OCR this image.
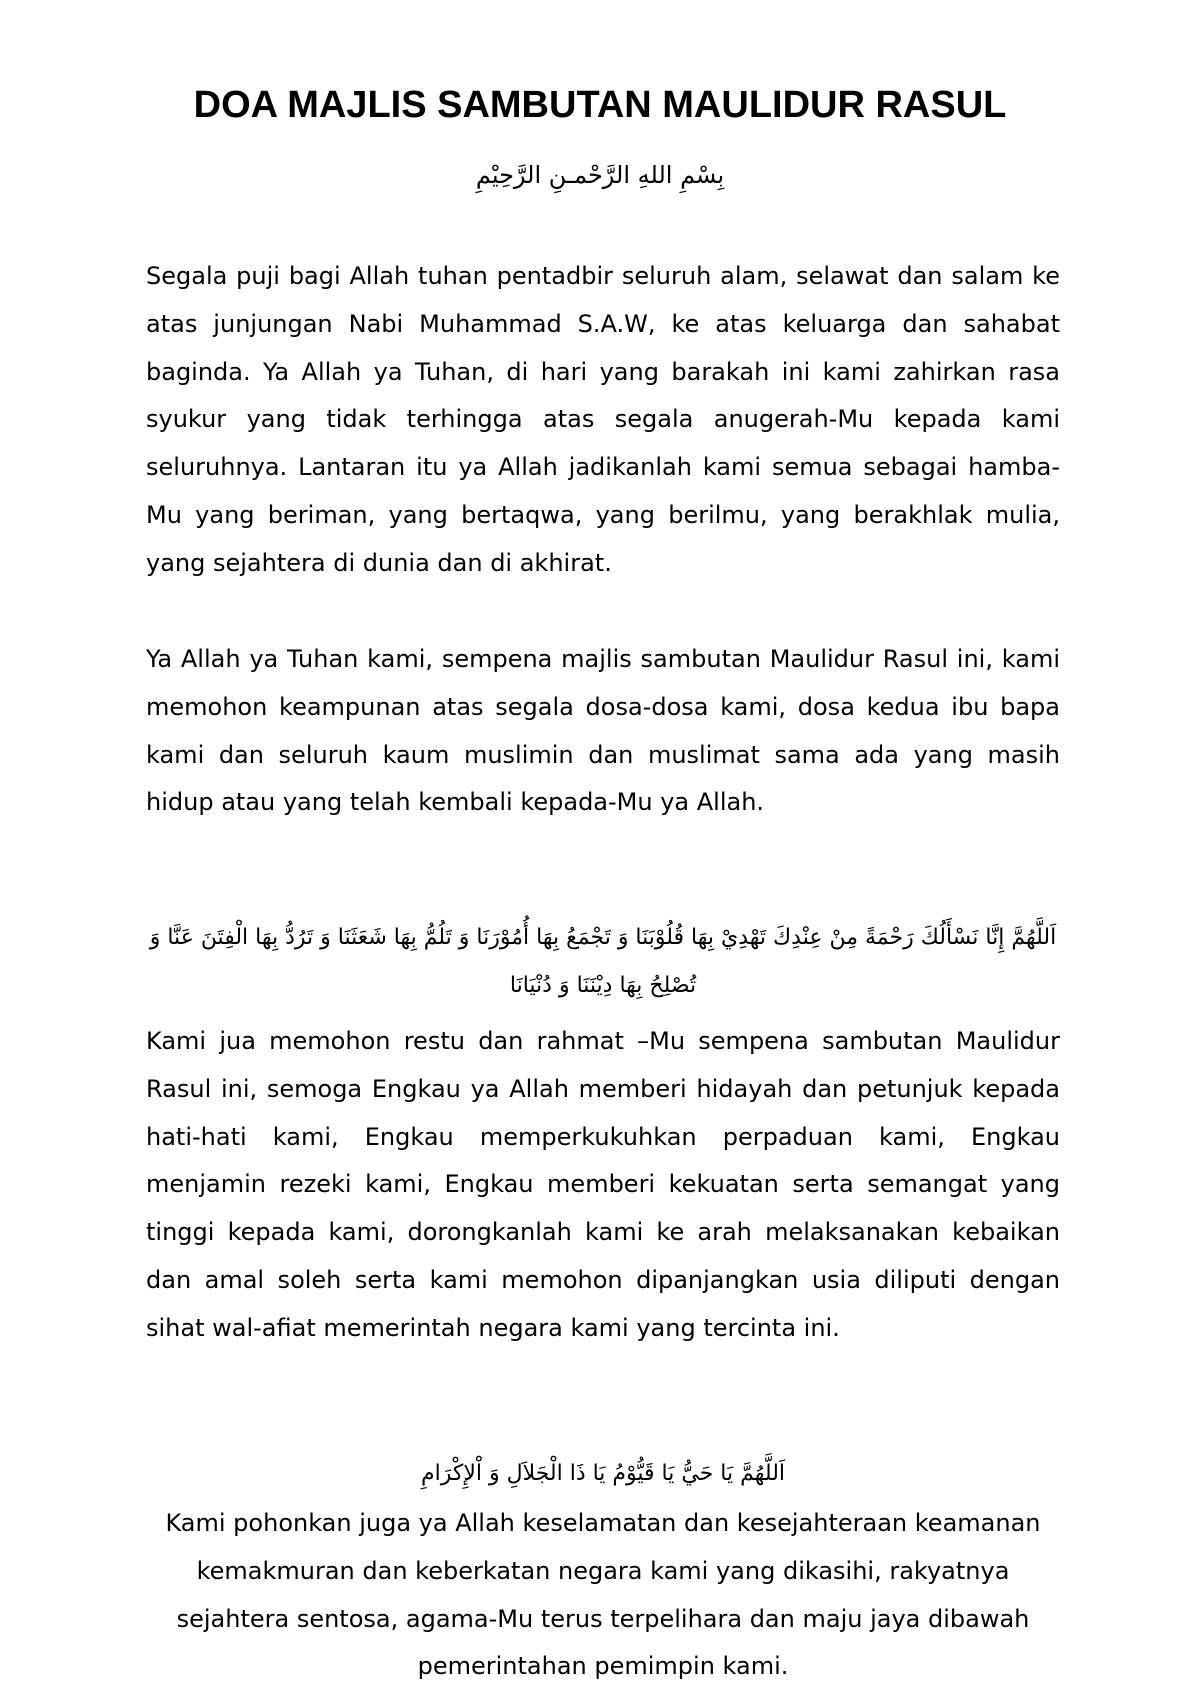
DOA MAJLIS SAMBUTAN MAULIDUR RASUL

بِسْمِ اللهِ الرَّحْمـنِ الرَّحِيْمِ

Segala puji bagi Allah tuhan pentadbir seluruh alam, selawat dan salam ke atas junjungan Nabi Muhammad S.A.W, ke atas keluarga dan sahabat baginda. Ya Allah ya Tuhan, di hari yang barakah ini kami zahirkan rasa syukur yang tidak terhingga atas segala anugerah-Mu kepada kami seluruhnya. Lantaran itu ya Allah jadikanlah kami semua sebagai hamba-Mu yang beriman, yang bertaqwa, yang berilmu, yang berakhlak mulia, yang sejahtera di dunia dan di akhirat.

Ya Allah ya Tuhan kami, sempena majlis sambutan Maulidur Rasul ini, kami memohon keampunan atas segala dosa-dosa kami, dosa kedua ibu bapa kami dan seluruh kaum muslimin dan muslimat sama ada yang masih hidup atau yang telah kembali kepada-Mu ya Allah.

اَللَّهُمَّ إِنَّا نَسْأَلُكَ رَحْمَةً مِنْ عِنْدِكَ تَهْدِيْ بِهَا قُلُوْبَنَا وَ تَجْمَعُ بِهَا أُمُوْرَنَا وَ تَلُمُّ بِهَا شَعَثَنَا وَ تَرُدُّ بِهَا الْفِتَنَ عَنَّا وَ تُصْلِحُ بِهَا دِيْنَنَا وَ دُنْيَانَا

Kami jua memohon restu dan rahmat –Mu sempena sambutan Maulidur Rasul ini, semoga Engkau ya Allah memberi hidayah dan petunjuk kepada hati-hati kami, Engkau memperkukuhkan perpaduan kami, Engkau menjamin rezeki kami, Engkau memberi kekuatan serta semangat yang tinggi kepada kami, dorongkanlah kami ke arah melaksanakan kebaikan dan amal soleh serta kami memohon dipanjangkan usia diliputi dengan sihat wal-afiat memerintah negara kami yang tercinta ini.

اَللَّهُمَّ يَا حَيُّ يَا قَيُّوْمُ يَا ذَا الْجَلاَلِ وَ اْلإِكْرَامِ

Kami pohonkan juga ya Allah keselamatan dan kesejahteraan keamanan kemakmuran dan keberkatan negara kami yang dikasihi, rakyatnya sejahtera sentosa, agama-Mu terus terpelihara dan maju jaya dibawah pemerintahan pemimpin kami.
